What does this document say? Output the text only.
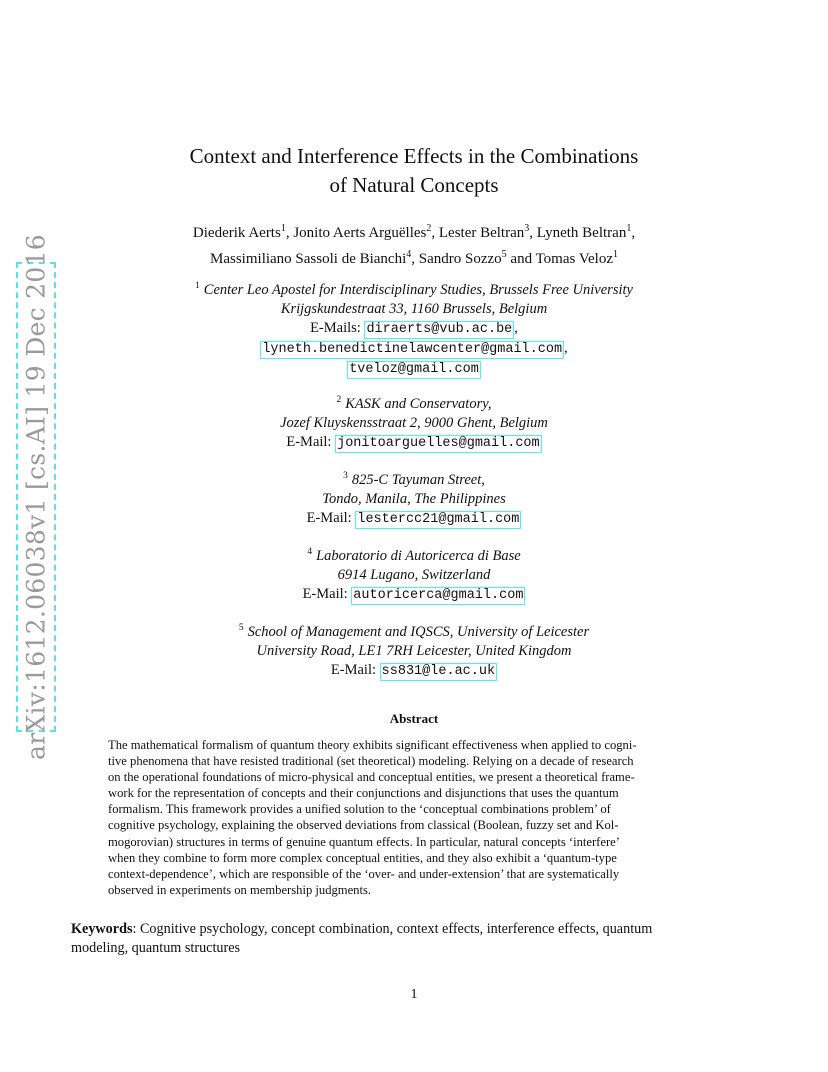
arXiv:1612.06038v1 [cs.AI] 19 Dec 2016
Context and Interference Effects in the Combinations
of Natural Concepts
Diederik Aerts$^1$, Jonito Aerts Arguëlles$^2$, Lester Beltran$^3$, Lyneth Beltran$^1$,
Massimiliano Sassoli de Bianchi$^4$, Sandro Sozzo$^5$ and Tomas Veloz$^1$
$^1$ Center Leo Apostel for Interdisciplinary Studies, Brussels Free University
Krijgskundestraat 33, 1160 Brussels, Belgium
E-Mails: diraerts@vub.ac.be ,
lyneth.benedictinelawcenter@gmail.com ,
tveloz@gmail.com
$^2$ KASK and Conservatory,
Jozef Kluyskensstraat 2, 9000 Ghent, Belgium
E-Mail: jonitoarguelles@gmail.com
$^3$ 825-C Tayuman Street,
Tondo, Manila, The Philippines
E-Mail: lestercc21@gmail.com
$^4$ Laboratorio di Autoricerca di Base
6914 Lugano, Switzerland
E-Mail: autoricerca@gmail.com
$^5$ School of Management and IQSCS, University of Leicester
University Road, LE1 7RH Leicester, United Kingdom
E-Mail: ss831@le.ac.uk
Abstract
The mathematical formalism of quantum theory exhibits significant effectiveness when applied to cogni-
tive phenomena that have resisted traditional (set theoretical) modeling. Relying on a decade of research
on the operational foundations of micro-physical and conceptual entities, we present a theoretical frame-
work for the representation of concepts and their conjunctions and disjunctions that uses the quantum
formalism. This framework provides a unified solution to the ‘conceptual combinations problem’ of
cognitive psychology, explaining the observed deviations from classical (Boolean, fuzzy set and Kol-
mogorovian) structures in terms of genuine quantum effects. In particular, natural concepts ‘interfere’
when they combine to form more complex conceptual entities, and they also exhibit a ‘quantum-type
context-dependence’, which are responsible of the ‘over- and under-extension’ that are systematically
observed in experiments on membership judgments.
Keywords: Cognitive psychology, concept combination, context effects, interference effects, quantum
modeling, quantum structures
1
